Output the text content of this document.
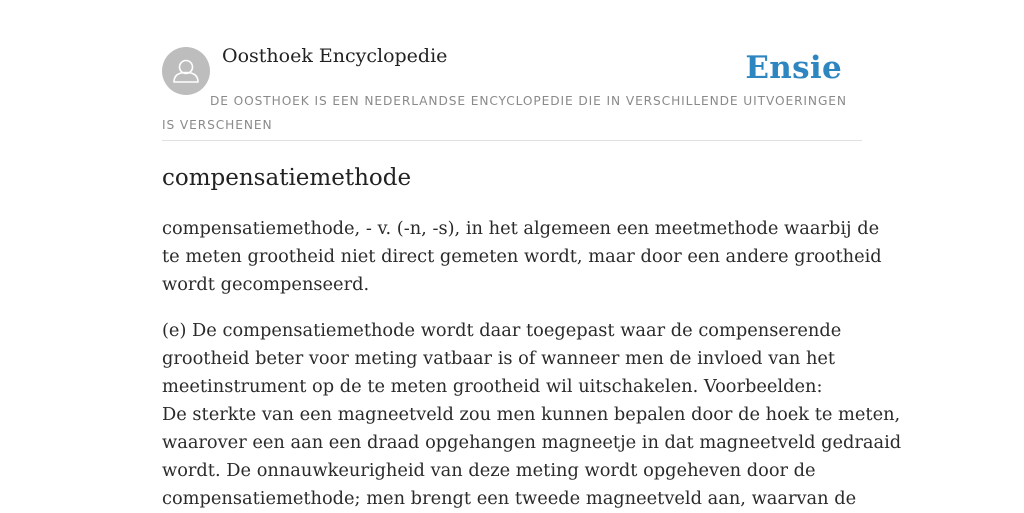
Oosthoek Encyclopedie	Ensie
DE OOSTHOEK IS EEN NEDERLANDSE ENCYCLOPEDIE DIE IN VERSCHILLENDE UITVOERINGEN IS VERSCHENEN
compensatiemethode

compensatiemethode, - v. (-n, -s), in het algemeen een meetmethode waarbij de
te meten grootheid niet direct gemeten wordt, maar door een andere grootheid
wordt gecompenseerd.

(e) De compensatiemethode wordt daar toegepast waar de compenserende
grootheid beter voor meting vatbaar is of wanneer men de invloed van het
meetinstrument op de te meten grootheid wil uitschakelen. Voorbeelden:
De sterkte van een magneetveld zou men kunnen bepalen door de hoek te meten,
waarover een aan een draad opgehangen magneetje in dat magneetveld gedraaid
wordt. De onnauwkeurigheid van deze meting wordt opgeheven door de
compensatiemethode; men brengt een tweede magneetveld aan, waarvan de
